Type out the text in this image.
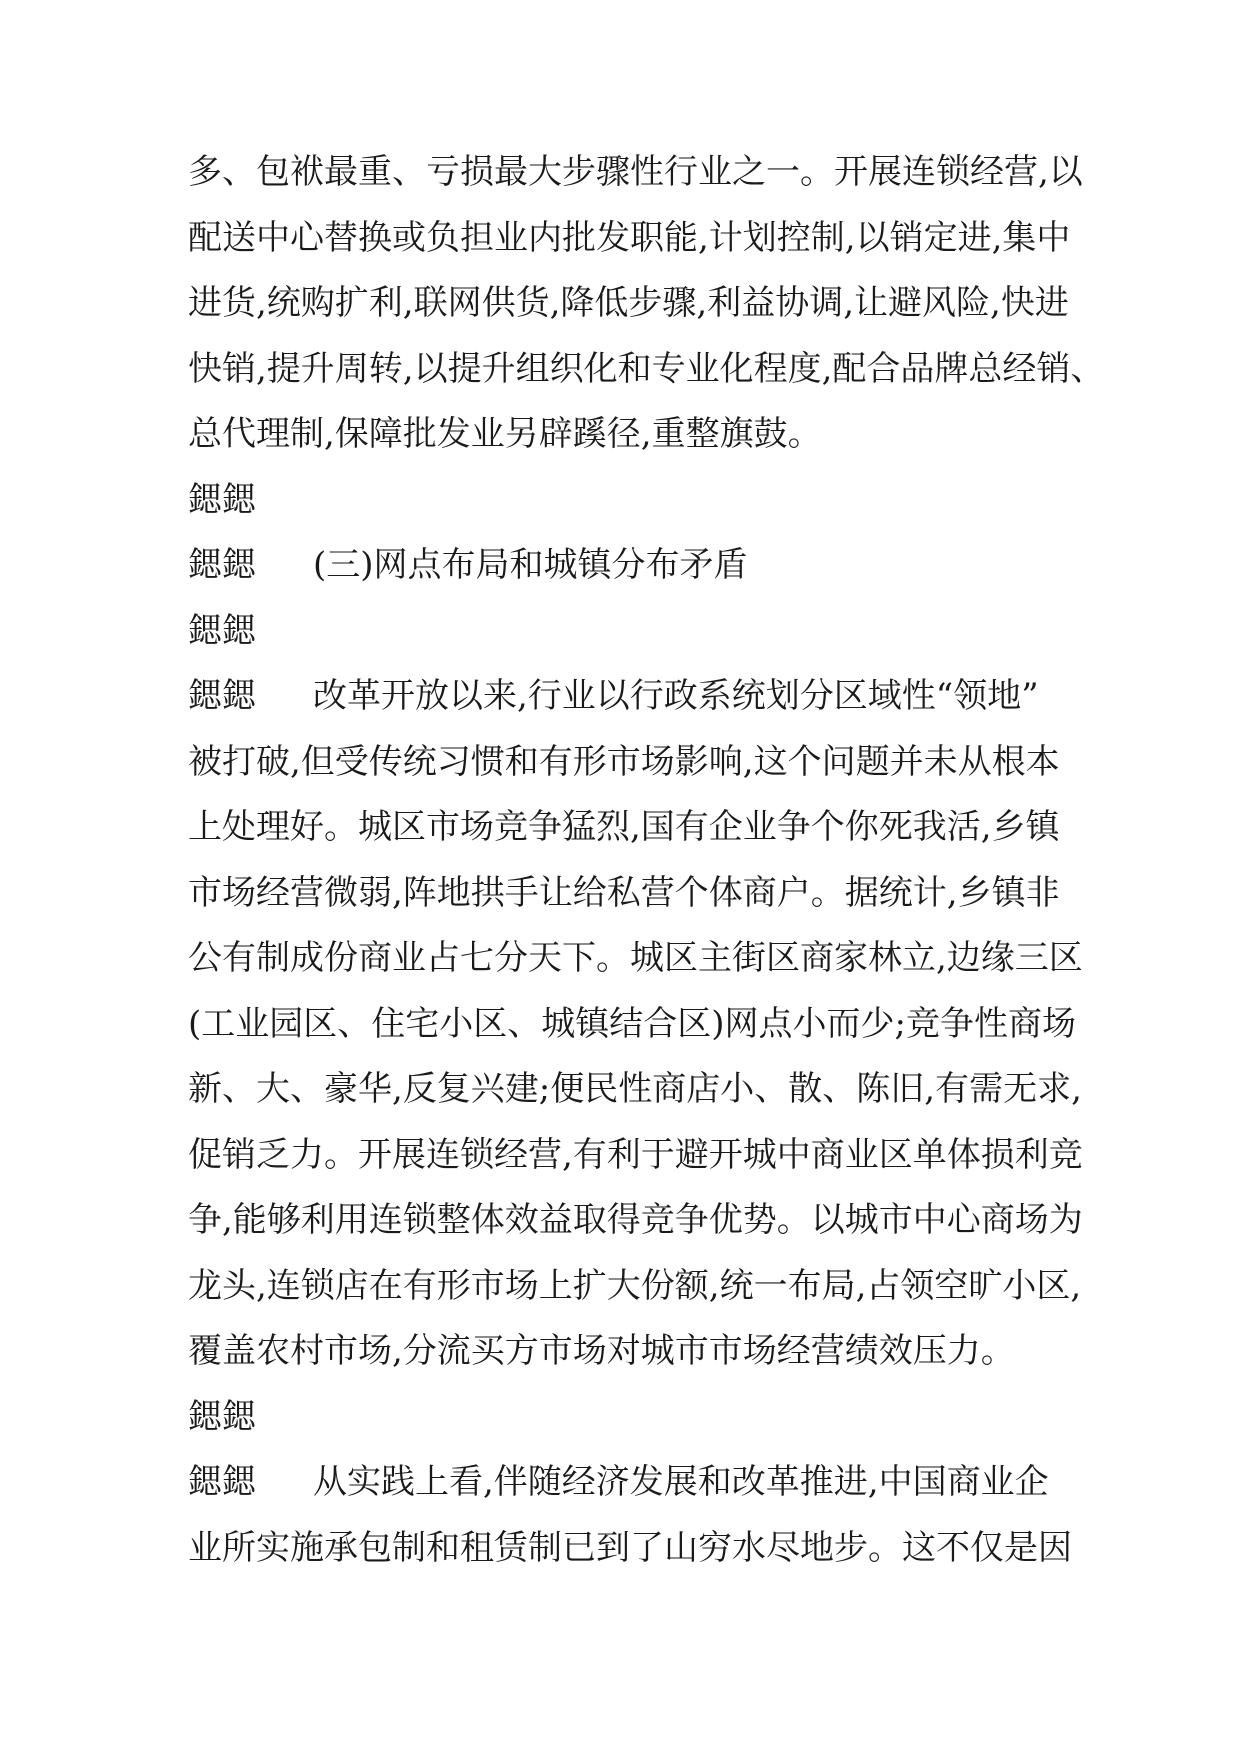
多、包袱最重、亏损最大步骤性行业之一。开展连锁经营,以
配送中心替换或负担业内批发职能,计划控制,以销定进,集中
进货,统购扩利,联网供货,降低步骤,利益协调,让避风险,快进
快销,提升周转,以提升组织化和专业化程度,配合品牌总经销、
总代理制,保障批发业另辟蹊径,重整旗鼓。
鍶鍶
鍶鍶 (三)网点布局和城镇分布矛盾
鍶鍶
鍶鍶 改革开放以来,行业以行政系统划分区域性“领地”
被打破,但受传统习惯和有形市场影响,这个问题并未从根本
上处理好。城区市场竞争猛烈,国有企业争个你死我活,乡镇
市场经营微弱,阵地拱手让给私营个体商户。据统计,乡镇非
公有制成份商业占七分天下。城区主街区商家林立,边缘三区
(工业园区、住宅小区、城镇结合区)网点小而少;竞争性商场
新、大、豪华,反复兴建;便民性商店小、散、陈旧,有需无求,
促销乏力。开展连锁经营,有利于避开城中商业区单体损利竞
争,能够利用连锁整体效益取得竞争优势。以城市中心商场为
龙头,连锁店在有形市场上扩大份额,统一布局,占领空旷小区,
覆盖农村市场,分流买方市场对城市市场经营绩效压力。
鍶鍶
鍶鍶 从实践上看,伴随经济发展和改革推进,中国商业企
业所实施承包制和租赁制已到了山穷水尽地步。这不仅是因
